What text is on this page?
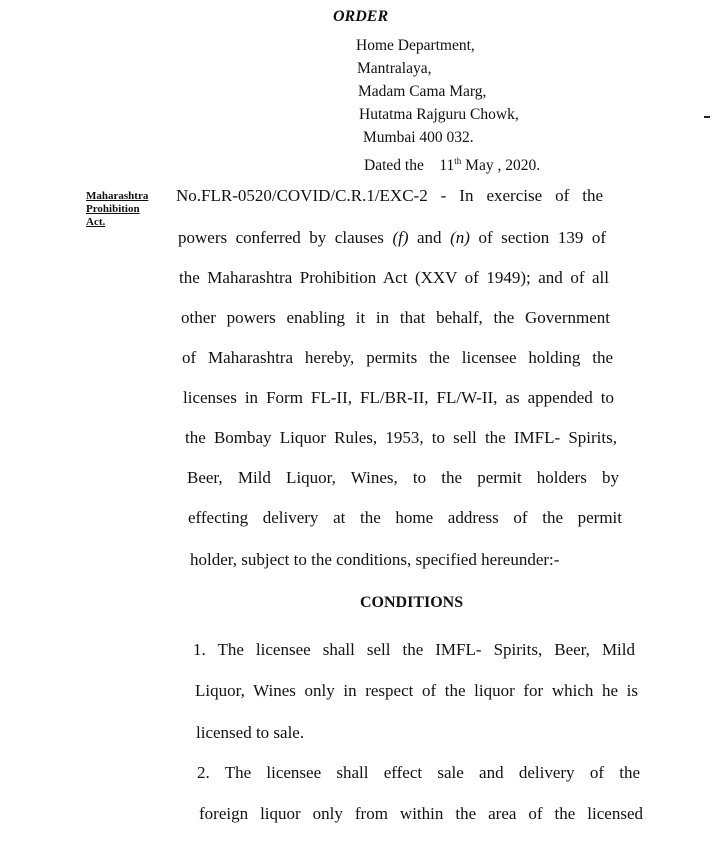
ORDER
Home Department,
Mantralaya,
Madam Cama Marg,
Hutatma Rajguru Chowk,
Mumbai 400 032.
Dated the 11th May , 2020.
Maharashtra
Prohibition
Act.
No.FLR-0520/COVID/C.R.1/EXC-2 - In exercise of the
powers conferred by clauses (f) and (n) of section 139 of
the Maharashtra Prohibition Act (XXV of 1949); and of all
other powers enabling it in that behalf, the Government
of Maharashtra hereby, permits the licensee holding the
licenses in Form FL-II, FL/BR-II, FL/W-II, as appended to
the Bombay Liquor Rules, 1953, to sell the IMFL- Spirits,
Beer, Mild Liquor, Wines, to the permit holders by
effecting delivery at the home address of the permit
holder, subject to the conditions, specified hereunder:-
CONDITIONS
1. The licensee shall sell the IMFL- Spirits, Beer, Mild
Liquor, Wines only in respect of the liquor for which he is
licensed to sale.
2. The licensee shall effect sale and delivery of the
foreign liquor only from within the area of the licensed
